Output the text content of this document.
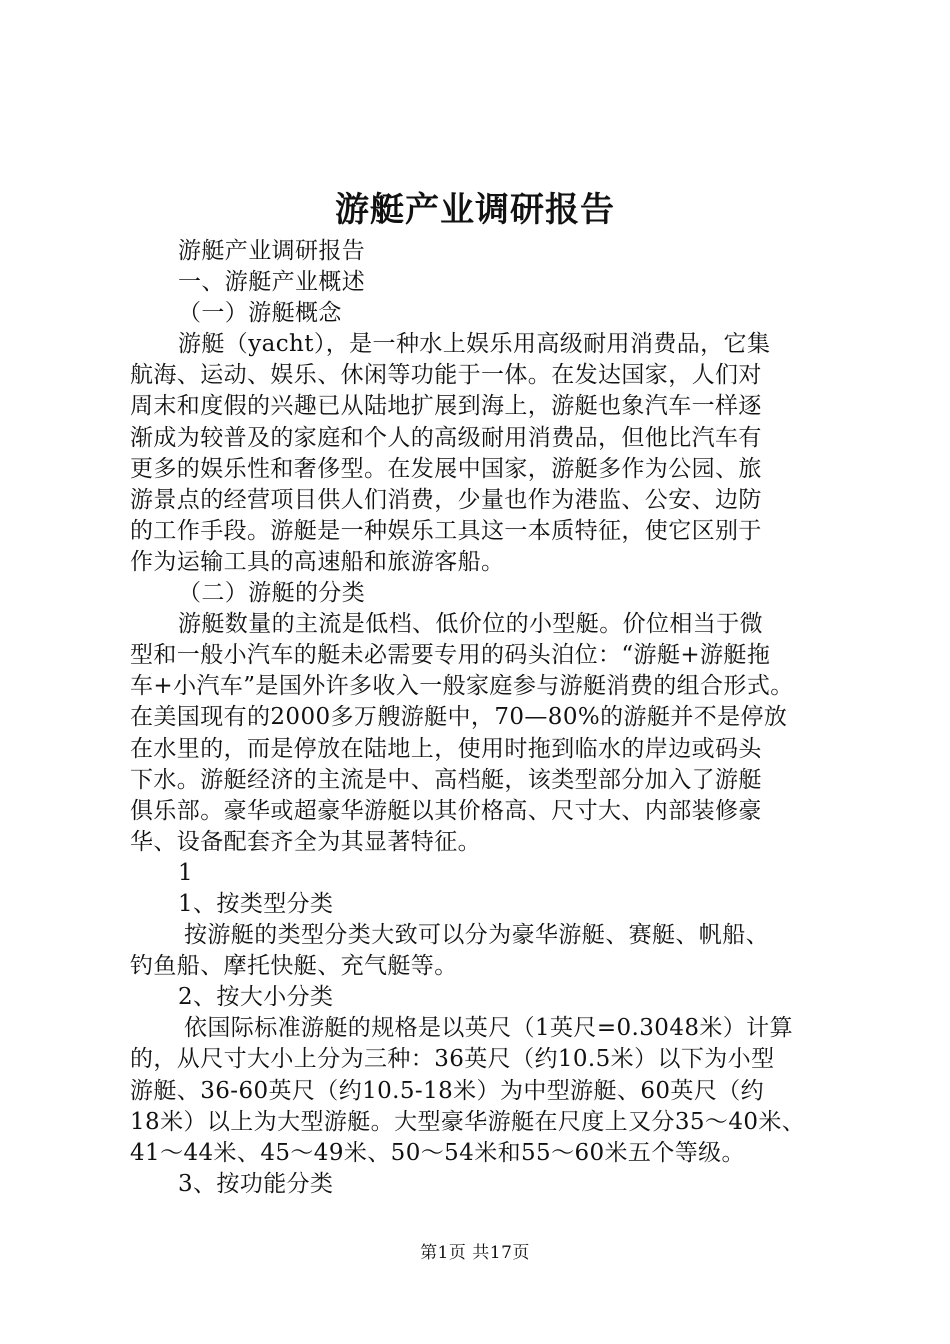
游艇产业调研报告
游艇产业调研报告
一、游艇产业概述
（一）游艇概念
游艇（yacht），是一种水上娱乐用高级耐用消费品，它集
航海、运动、娱乐、休闲等功能于一体。在发达国家，人们对
周末和度假的兴趣已从陆地扩展到海上，游艇也象汽车一样逐
渐成为较普及的家庭和个人的高级耐用消费品，但他比汽车有
更多的娱乐性和奢侈型。在发展中国家，游艇多作为公园、旅
游景点的经营项目供人们消费，少量也作为港监、公安、边防
的工作手段。游艇是一种娱乐工具这一本质特征，使它区别于
作为运输工具的高速船和旅游客船。
（二）游艇的分类
游艇数量的主流是低档、低价位的小型艇。价位相当于微
型和一般小汽车的艇未必需要专用的码头泊位：“游艇+游艇拖
车+小汽车”是国外许多收入一般家庭参与游艇消费的组合形式。
在美国现有的2000多万艘游艇中，70—80%的游艇并不是停放
在水里的，而是停放在陆地上，使用时拖到临水的岸边或码头
下水。游艇经济的主流是中、高档艇，该类型部分加入了游艇
俱乐部。豪华或超豪华游艇以其价格高、尺寸大、内部装修豪
华、设备配套齐全为其显著特征。
1
1、按类型分类
按游艇的类型分类大致可以分为豪华游艇、赛艇、帆船、
钓鱼船、摩托快艇、充气艇等。
2、按大小分类
依国际标准游艇的规格是以英尺（1英尺=0.3048米）计算
的，从尺寸大小上分为三种：36英尺（约10.5米）以下为小型
游艇、36-60英尺（约10.5-18米）为中型游艇、60英尺（约
18米）以上为大型游艇。大型豪华游艇在尺度上又分35～40米、
41～44米、45～49米、50～54米和55～60米五个等级。
3、按功能分类
第1页 共17页
